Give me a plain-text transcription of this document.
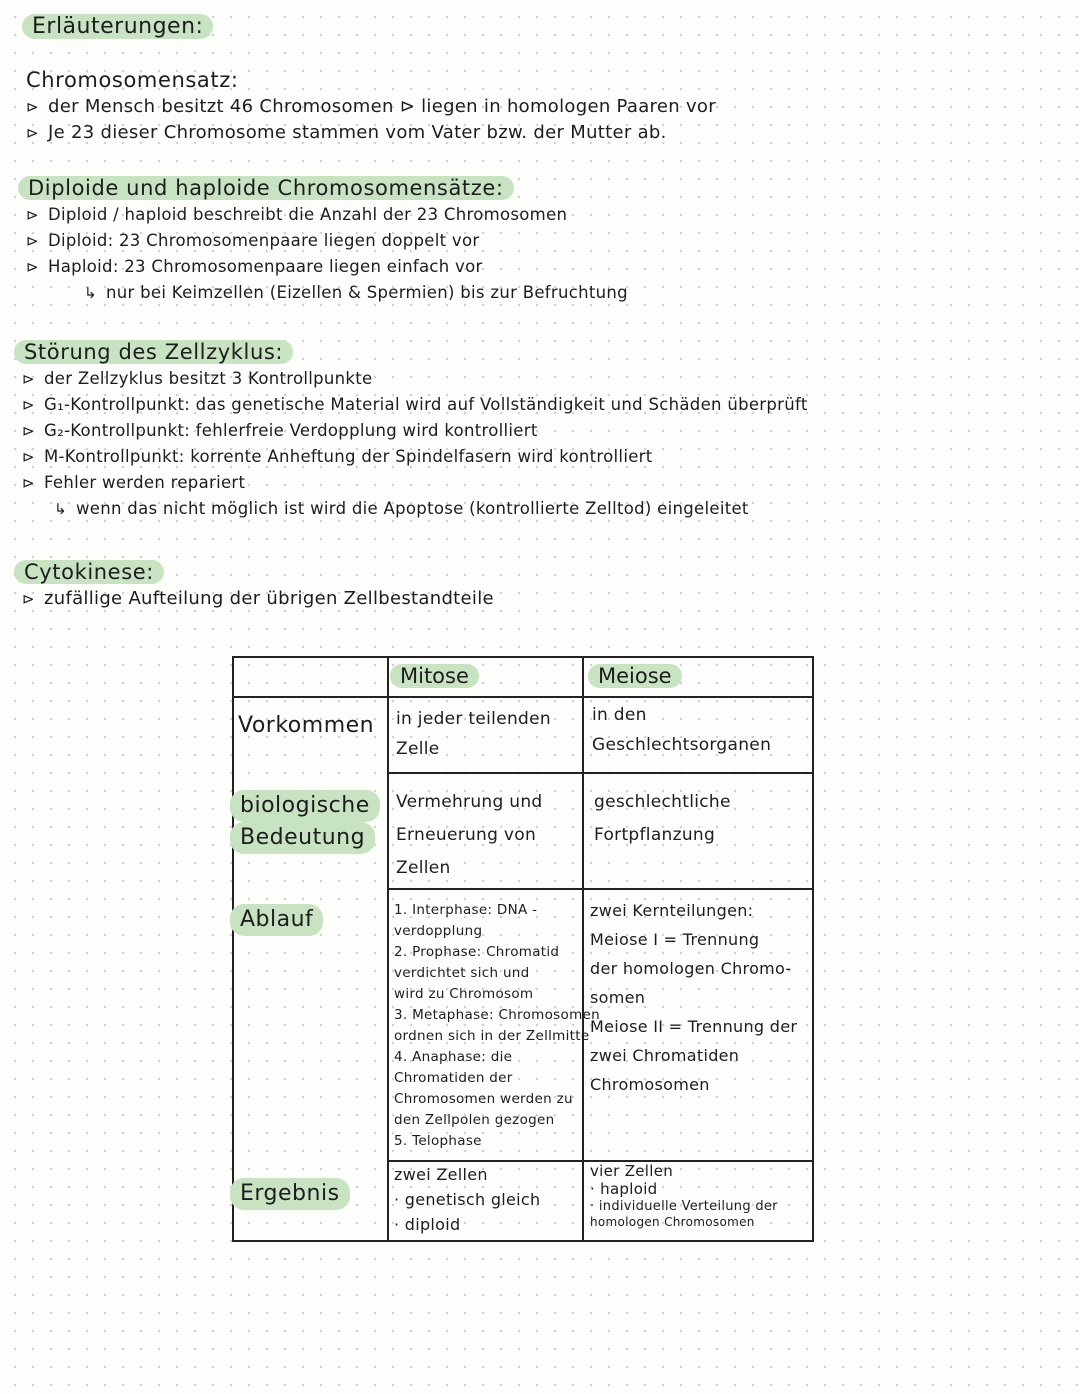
Erläuterungen:
Chromosomensatz:
⊳ der Mensch besitzt 46 Chromosomen ⊳ liegen in homologen Paaren vor
⊳ Je 23 dieser Chromosome stammen vom Vater bzw. der Mutter ab.
Diploide und haploide Chromosomensätze:
⊳ Diploid / haploid beschreibt die Anzahl der 23 Chromosomen
⊳ Diploid: 23 Chromosomenpaare liegen doppelt vor
⊳ Haploid: 23 Chromosomenpaare liegen einfach vor
↳ nur bei Keimzellen (Eizellen & Spermien) bis zur Befruchtung
Störung des Zellzyklus:
⊳ der Zellzyklus besitzt 3 Kontrollpunkte
⊳ G₁-Kontrollpunkt: das genetische Material wird auf Vollständigkeit und Schäden überprüft
⊳ G₂-Kontrollpunkt: fehlerfreie Verdopplung wird kontrolliert
⊳ M-Kontrollpunkt: korrente Anheftung der Spindelfasern wird kontrolliert
⊳ Fehler werden repariert
↳ wenn das nicht möglich ist wird die Apoptose (kontrollierte Zelltod) eingeleitet
Cytokinese:
⊳ zufällige Aufteilung der übrigen Zellbestandteile
Mitose	Meiose
Vorkommen in jeder teilenden
Zelle
in den
Geschlechtsorganen
biologische
Bedeutung
Vermehrung und
Erneuerung von
Zellen
geschlechtliche
Fortpflanzung
Ablauf	1. Interphase: DNA -
verdopplung
2. Prophase: Chromatid
verdichtet sich und
wird zu Chromosom
3. Metaphase: Chromosomen
ordnen sich in der Zellmitte
4. Anaphase: die
Chromatiden der
Chromosomen werden zu
den Zellpolen gezogen
5. Telophase
zwei Kernteilungen:
Meiose I = Trennung
der homologen Chromo-
somen
Meiose II = Trennung der
zwei Chromatiden
Chromosomen
Ergebnis
zwei Zellen
· genetisch gleich
· diploid
vier Zellen
· haploid
· individuelle Verteilung der
homologen Chromosomen
